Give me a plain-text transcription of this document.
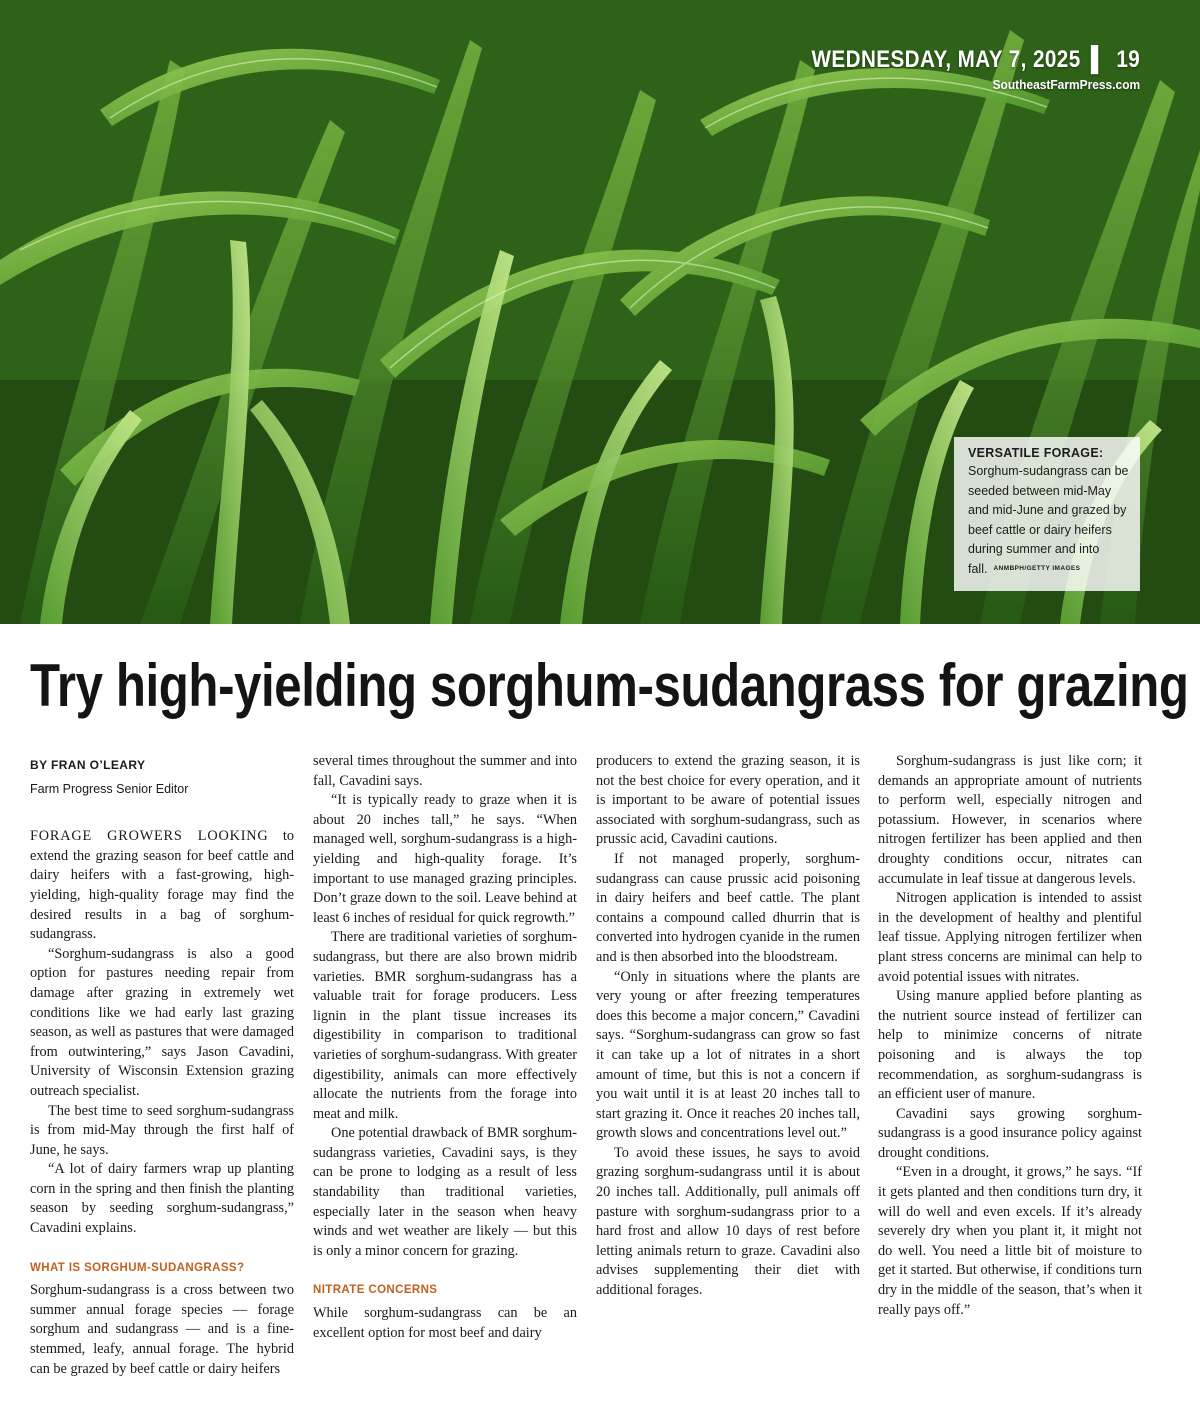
WEDNESDAY, MAY 7, 2025 ▌ 19
SoutheastFarmPress.com
VERSATILE FORAGE:
Sorghum-sudangrass can be seeded between mid-May and mid-June and grazed by beef cattle or dairy heifers during summer and into fall. ANMBPH/GETTY IMAGES
Try high-yielding sorghum-sudangrass for grazing
BY FRAN O’LEARY
Farm Progress Senior Editor

FORAGE GROWERS LOOKING to extend the grazing season for beef cattle and dairy heifers with a fast-growing, high-yielding, high-quality forage may find the desired results in a bag of sorghum-sudangrass.

“Sorghum-sudangrass is also a good option for pastures needing repair from damage after grazing in extremely wet conditions like we had early last grazing season, as well as pastures that were damaged from outwintering,” says Jason Cavadini, University of Wisconsin Extension grazing outreach specialist.

The best time to seed sorghum-sudangrass is from mid-May through the first half of June, he says.

“A lot of dairy farmers wrap up planting corn in the spring and then finish the planting season by seeding sorghum-sudangrass,” Cavadini explains.

WHAT IS SORGHUM-SUDANGRASS?

Sorghum-sudangrass is a cross between two summer annual forage species — forage sorghum and sudangrass — and is a fine-stemmed, leafy, annual forage. The hybrid can be grazed by beef cattle or dairy heifers

several times throughout the summer and into fall, Cavadini says.

“It is typically ready to graze when it is about 20 inches tall,” he says. “When managed well, sorghum-sudangrass is a high-yielding and high-quality forage. It’s important to use managed grazing principles. Don’t graze down to the soil. Leave behind at least 6 inches of residual for quick regrowth.”

There are traditional varieties of sorghum-sudangrass, but there are also brown midrib varieties. BMR sorghum-sudangrass has a valuable trait for forage producers. Less lignin in the plant tissue increases its digestibility in comparison to traditional varieties of sorghum-sudangrass. With greater digestibility, animals can more effectively allocate the nutrients from the forage into meat and milk.

One potential drawback of BMR sorghum-sudangrass varieties, Cavadini says, is they can be prone to lodging as a result of less standability than traditional varieties, especially later in the season when heavy winds and wet weather are likely — but this is only a minor concern for grazing.

NITRATE CONCERNS

While sorghum-sudangrass can be an excellent option for most beef and dairy

producers to extend the grazing season, it is not the best choice for every operation, and it is important to be aware of potential issues associated with sorghum-sudangrass, such as prussic acid, Cavadini cautions.

If not managed properly, sorghum-sudangrass can cause prussic acid poisoning in dairy heifers and beef cattle. The plant contains a compound called dhurrin that is converted into hydrogen cyanide in the rumen and is then absorbed into the bloodstream.

“Only in situations where the plants are very young or after freezing temperatures does this become a major concern,” Cavadini says. “Sorghum-sudangrass can grow so fast it can take up a lot of nitrates in a short amount of time, but this is not a concern if you wait until it is at least 20 inches tall to start grazing it. Once it reaches 20 inches tall, growth slows and concentrations level out.”

To avoid these issues, he says to avoid grazing sorghum-sudangrass until it is about 20 inches tall. Additionally, pull animals off pasture with sorghum-sudangrass prior to a hard frost and allow 10 days of rest before letting animals return to graze. Cavadini also advises supplementing their diet with additional forages.

Sorghum-sudangrass is just like corn; it demands an appropriate amount of nutrients to perform well, especially nitrogen and potassium. However, in scenarios where nitrogen fertilizer has been applied and then droughty conditions occur, nitrates can accumulate in leaf tissue at dangerous levels.

Nitrogen application is intended to assist in the development of healthy and plentiful leaf tissue. Applying nitrogen fertilizer when plant stress concerns are minimal can help to avoid potential issues with nitrates.

Using manure applied before planting as the nutrient source instead of fertilizer can help to minimize concerns of nitrate poisoning and is always the top recommendation, as sorghum-sudangrass is an efficient user of manure.

Cavadini says growing sorghum-sudangrass is a good insurance policy against drought conditions.

“Even in a drought, it grows,” he says. “If it gets planted and then conditions turn dry, it will do well and even excels. If it’s already severely dry when you plant it, it might not do well. You need a little bit of moisture to get it started. But otherwise, if conditions turn dry in the middle of the season, that’s when it really pays off.”
